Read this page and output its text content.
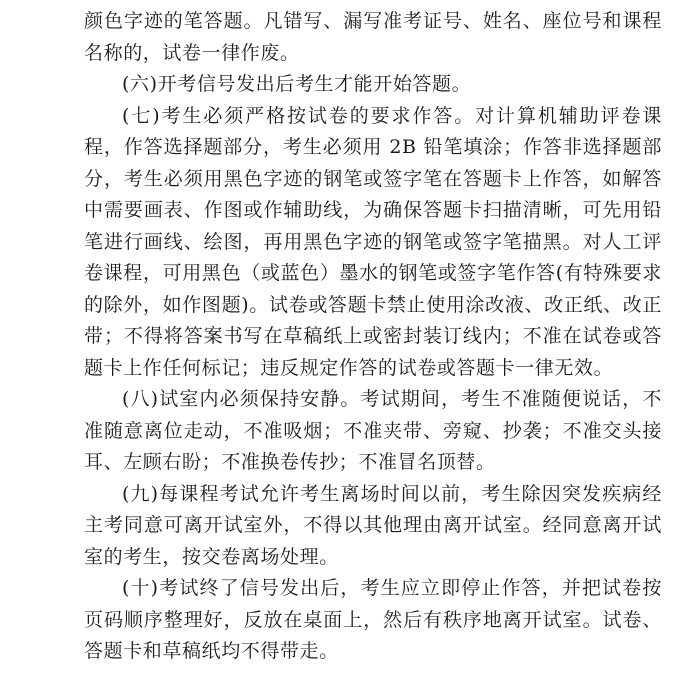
颜色字迹的笔答题。凡错写、漏写准考证号、姓名、座位号和课程名称的，试卷一律作废。

(六)开考信号发出后考生才能开始答题。

(七)考生必须严格按试卷的要求作答。对计算机辅助评卷课程，作答选择题部分，考生必须用 2B 铅笔填涂；作答非选择题部分，考生必须用黑色字迹的钢笔或签字笔在答题卡上作答，如解答中需要画表、作图或作辅助线，为确保答题卡扫描清晰，可先用铅笔进行画线、绘图，再用黑色字迹的钢笔或签字笔描黑。对人工评卷课程，可用黑色（或蓝色）墨水的钢笔或签字笔作答(有特殊要求的除外，如作图题)。试卷或答题卡禁止使用涂改液、改正纸、改正带；不得将答案书写在草稿纸上或密封装订线内；不准在试卷或答题卡上作任何标记；违反规定作答的试卷或答题卡一律无效。

(八)试室内必须保持安静。考试期间，考生不准随便说话，不准随意离位走动，不准吸烟；不准夹带、旁窥、抄袭；不准交头接耳、左顾右盼；不准换卷传抄；不准冒名顶替。

(九)每课程考试允许考生离场时间以前，考生除因突发疾病经主考同意可离开试室外，不得以其他理由离开试室。经同意离开试室的考生，按交卷离场处理。

(十)考试终了信号发出后，考生应立即停止作答，并把试卷按页码顺序整理好，反放在桌面上，然后有秩序地离开试室。试卷、答题卡和草稿纸均不得带走。
